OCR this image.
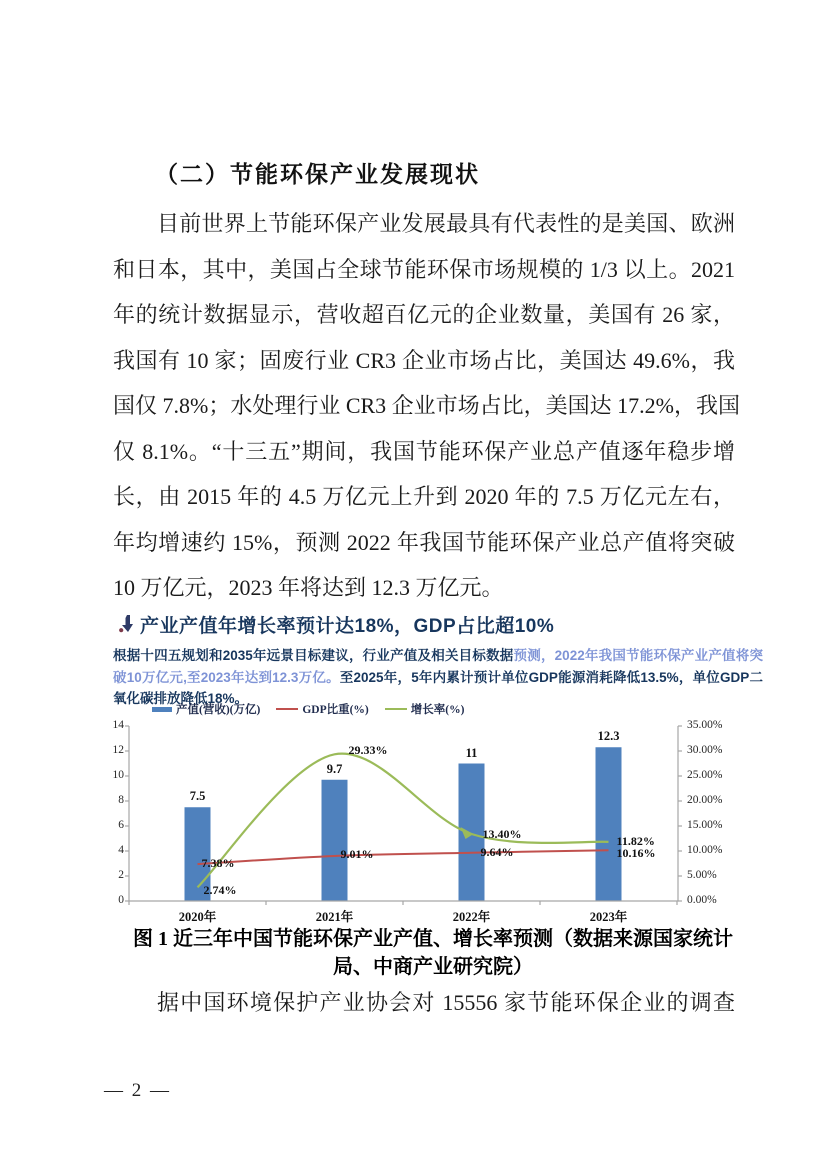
（二）节能环保产业发展现状
目前世界上节能环保产业发展最具有代表性的是美国、欧洲
和日本，其中，美国占全球节能环保市场规模的 1/3 以上。2021
年的统计数据显示，营收超百亿元的企业数量，美国有 26 家，
我国有 10 家；固废行业 CR3 企业市场占比，美国达 49.6%，我
国仅 7.8%；水处理行业 CR3 企业市场占比，美国达 17.2%，我国
仅 8.1%。“十三五”期间，我国节能环保产业总产值逐年稳步增
长，由 2015 年的 4.5 万亿元上升到 2020 年的 7.5 万亿元左右，
年均增速约 15%，预测 2022 年我国节能环保产业总产值将突破
10 万亿元，2023 年将达到 12.3 万亿元。
产业产值年增长率预计达18%，GDP占比超10%
根据十四五规划和2035年远景目标建议，行业产值及相关目标数据预测，2022年我国节能环保产业产值将突破10万亿元,至2023年达到12.3万亿。至2025年，5年内累计预计单位GDP能源消耗降低13.5%，单位GDP二氧化碳排放降低18%。
产值(营收)(万亿)	GDP比重(%)	增长率(%)
0
2
4
6
8
10
12
14
0.00%
5.00%
10.00%
15.00%
20.00%
25.00%
30.00%
35.00%
2020年	2021年	2022年	2023年
7.5
9.7
11
12.3
7.38%
9.01%	9.64%	10.16%
2.74%
29.33%
13.40%	11.82%
图 1 近三年中国节能环保产业产值、增长率预测（数据来源国家统计
局、中商产业研究院）
据中国环境保护产业协会对 15556 家节能环保企业的调查
— 2 —
